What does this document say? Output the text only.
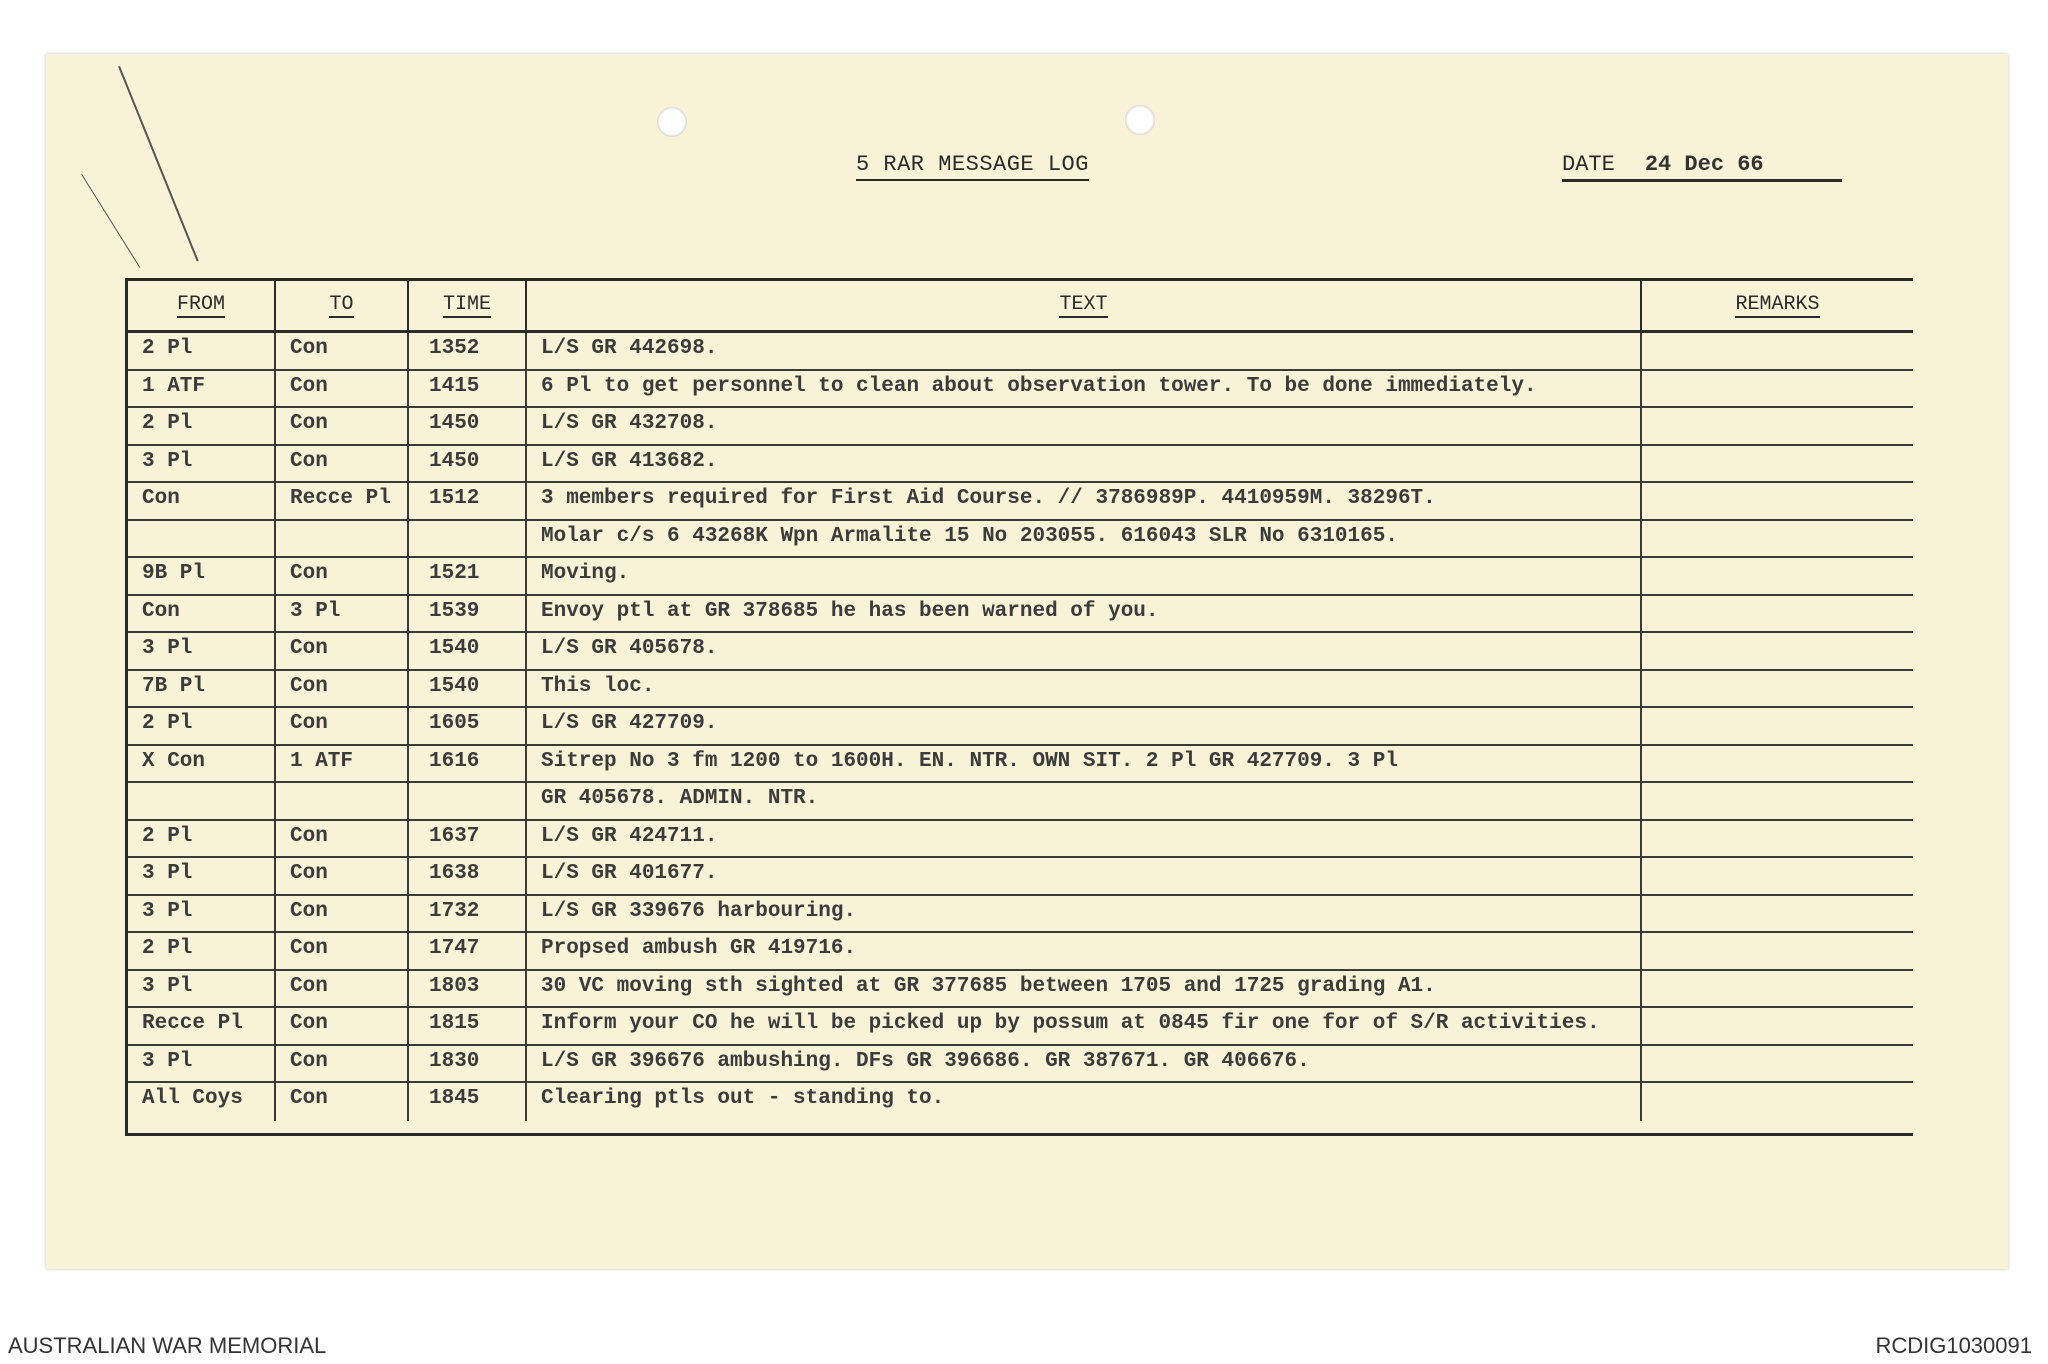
5 RAR MESSAGE LOG	DATE 24 Dec 66
FROM	TO	TIME	TEXT	REMARKS
2 Pl	Con	1352	L/S GR 442698.
1 ATF	Con	1415	6 Pl to get personnel to clean about observation tower. To be done immediately.
2 Pl	Con	1450	L/S GR 432708.
3 Pl	Con	1450	L/S GR 413682.
Con	Recce Pl	1512	3 members required for First Aid Course. // 3786989P. 4410959M. 38296T.
Molar c/s 6 43268K Wpn Armalite 15 No 203055. 616043 SLR No 6310165.
9B Pl	Con	1521	Moving.
Con	3 Pl	1539	Envoy ptl at GR 378685 he has been warned of you.
3 Pl	Con	1540	L/S GR 405678.
7B Pl	Con	1540	This loc.
2 Pl	Con	1605	L/S GR 427709.
X Con	1 ATF	1616	Sitrep No 3 fm 1200 to 1600H. EN. NTR. OWN SIT. 2 Pl GR 427709. 3 Pl
GR 405678. ADMIN. NTR.
2 Pl	Con	1637	L/S GR 424711.
3 Pl	Con	1638	L/S GR 401677.
3 Pl	Con	1732	L/S GR 339676 harbouring.
2 Pl	Con	1747	Propsed ambush GR 419716.
3 Pl	Con	1803	30 VC moving sth sighted at GR 377685 between 1705 and 1725 grading A1.
Recce Pl	Con	1815	Inform your CO he will be picked up by possum at 0845 fir one for of S/R activities.
3 Pl	Con	1830	L/S GR 396676 ambushing. DFs GR 396686. GR 387671. GR 406676.
All Coys	Con	1845	Clearing ptls out - standing to.
AUSTRALIAN WAR MEMORIAL	RCDIG1030091
